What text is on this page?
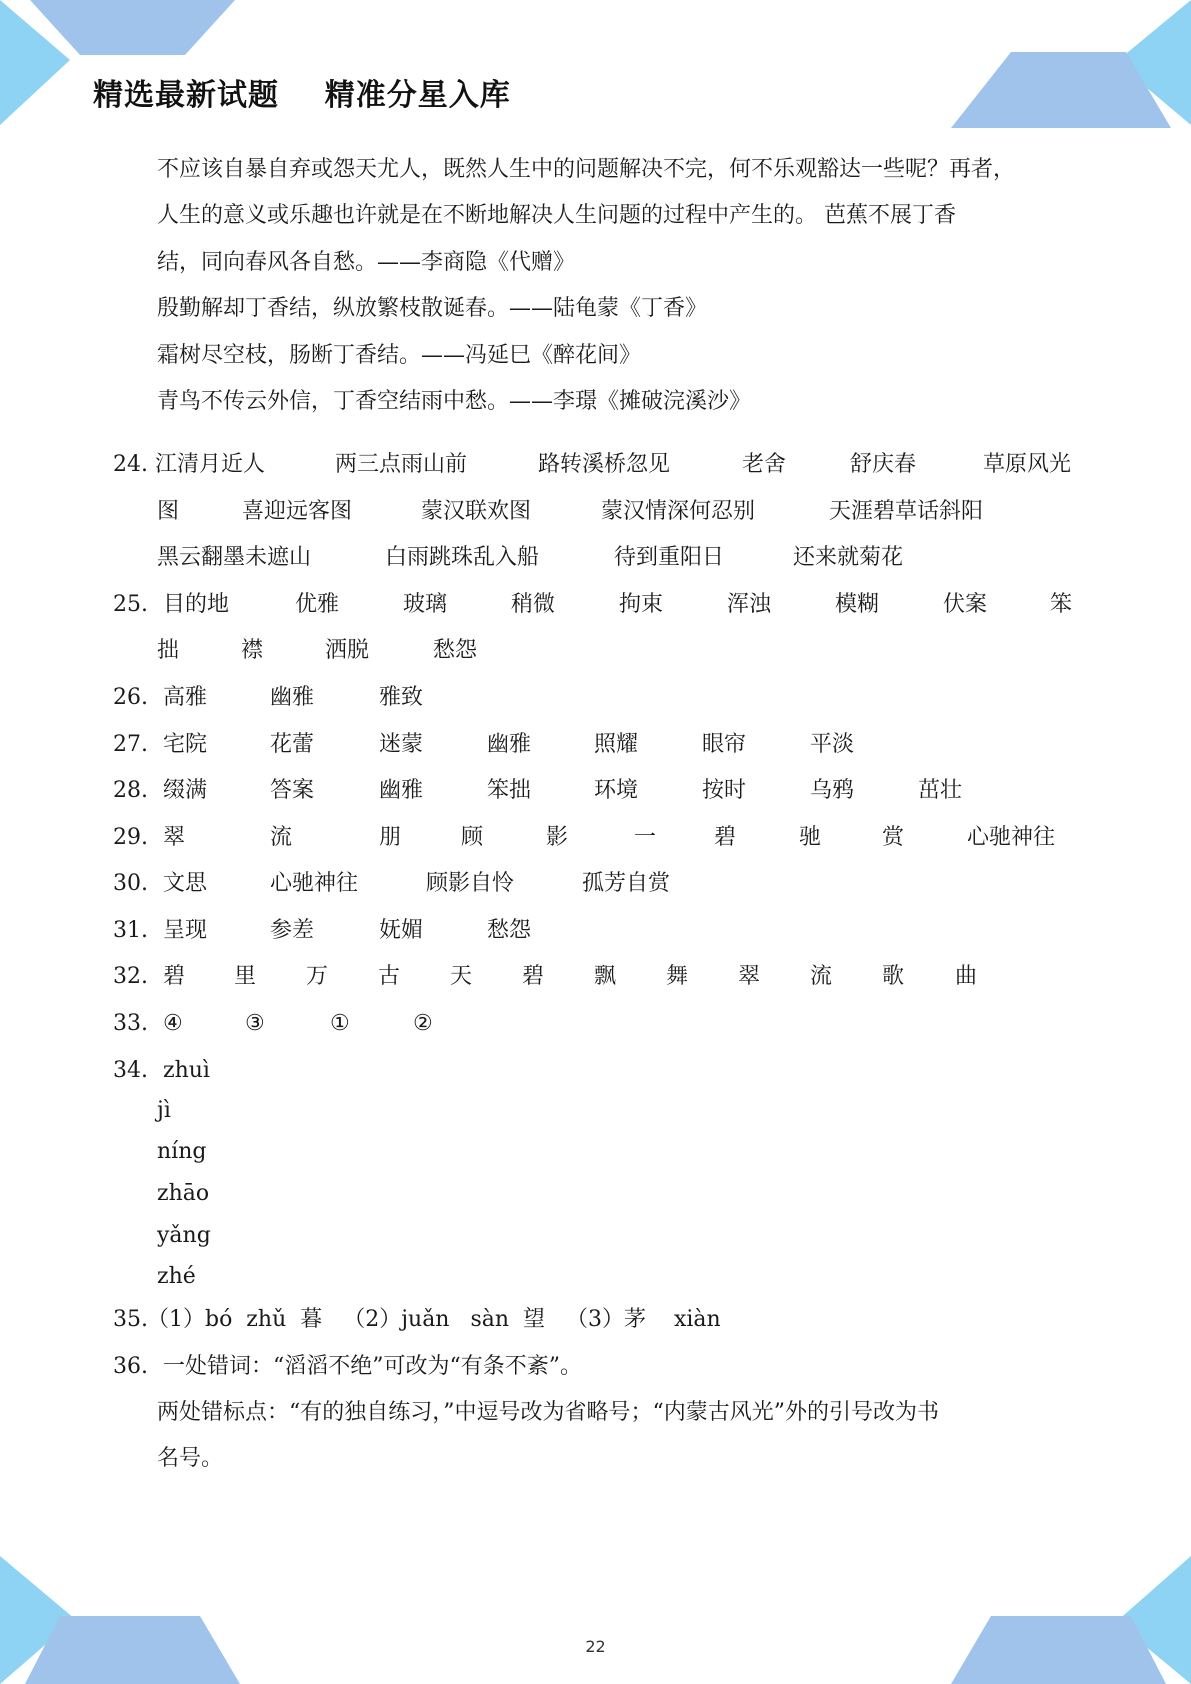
精选最新试题    精准分星入库
不应该自暴自弃或怨天尤人，既然人生中的问题解决不完，何不乐观豁达一些呢？再者，
人生的意义或乐趣也许就是在不断地解决人生问题的过程中产生的。 芭蕉不展丁香
结，同向春风各自愁。——李商隐《代赠》
殷勤解却丁香结，纵放繁枝散诞春。——陆龟蒙《丁香》
霜树尽空枝，肠断丁香结。——冯延巳《醉花间》
青鸟不传云外信，丁香空结雨中愁。——李璟《摊破浣溪沙》
24. 江清月近人	两三点雨山前	路转溪桥忽见	老舍	舒庆春	草原风光
图	喜迎远客图	蒙汉联欢图	蒙汉情深何忍别	天涯碧草话斜阳
黑云翻墨未遮山	白雨跳珠乱入船	待到重阳日	还来就菊花
25. 目的地	优雅	玻璃	稍微	拘束	浑浊	模糊	伏案	笨
拙	襟	洒脱	愁怨
26. 高雅	幽雅	雅致
27. 宅院	花蕾	迷蒙	幽雅	照耀	眼帘	平淡
28. 缀满	答案	幽雅	笨拙	环境	按时	乌鸦	茁壮
29. 翠	流	朋	顾	影	一	碧	驰	赏	心驰神往
30. 文思	心驰神往	顾影自怜	孤芳自赏
31. 呈现	参差	妩媚	愁怨
32. 碧 里 万 古 天 碧 飘 舞 翠 流 歌 曲
33. ④	③	①	②
34. zhuì
jì
níng
zhāo
yǎng
zhé
35. （1）bó  zhǔ  暮   （2）juǎn   sàn  望   （3）茅    xiàn
36. 一处错词：“滔滔不绝”可改为“有条不紊”。
两处错标点：“有的独自练习，”中逗号改为省略号；“内蒙古风光”外的引号改为书
名号。
22
